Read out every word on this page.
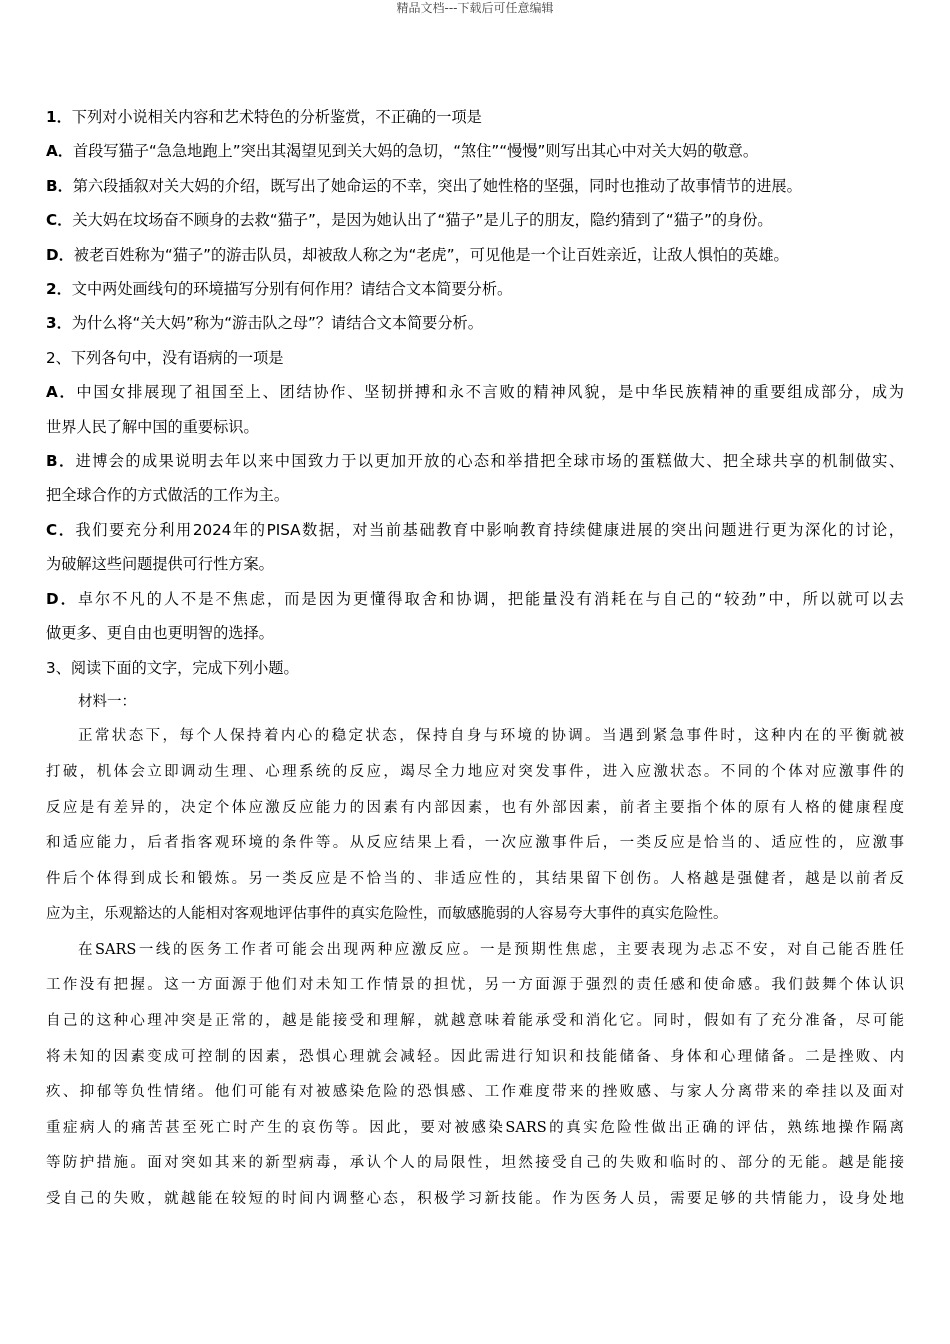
精品文档---下载后可任意编辑

1．下列对小说相关内容和艺术特色的分析鉴赏，不正确的一项是

A．首段写猫子“急急地跑上”突出其渴望见到关大妈的急切，“煞住”“慢慢”则写出其心中对关大妈的敬意。

B．第六段插叙对关大妈的介绍，既写出了她命运的不幸，突出了她性格的坚强，同时也推动了故事情节的进展。

C．关大妈在坟场奋不顾身的去救“猫子”，是因为她认出了“猫子”是儿子的朋友，隐约猜到了“猫子”的身份。

D．被老百姓称为“猫子”的游击队员，却被敌人称之为“老虎”，可见他是一个让百姓亲近，让敌人惧怕的英雄。

2．文中两处画线句的环境描写分别有何作用？请结合文本简要分析。

3．为什么将“关大妈”称为“游击队之母”？请结合文本简要分析。

2、下列各句中，没有语病的一项是

A．中国女排展现了祖国至上、团结协作、坚韧拼搏和永不言败的精神风貌，是中华民族精神的重要组成部分，成为
世界人民了解中国的重要标识。
B．进博会的成果说明去年以来中国致力于以更加开放的心态和举措把全球市场的蛋糕做大、把全球共享的机制做实、
把全球合作的方式做活的工作为主。
C．我们要充分利用2024年的PISA数据，对当前基础教育中影响教育持续健康进展的突出问题进行更为深化的讨论，
为破解这些问题提供可行性方案。
D．卓尔不凡的人不是不焦虑，而是因为更懂得取舍和协调，把能量没有消耗在与自己的“较劲”中，所以就可以去
做更多、更自由也更明智的选择。

3、阅读下面的文字，完成下列小题。

材料一：

正常状态下，每个人保持着内心的稳定状态，保持自身与环境的协调。当遇到紧急事件时，这种内在的平衡就被
打破，机体会立即调动生理、心理系统的反应，竭尽全力地应对突发事件，进入应激状态。不同的个体对应激事件的
反应是有差异的，决定个体应激反应能力的因素有内部因素，也有外部因素，前者主要指个体的原有人格的健康程度
和适应能力，后者指客观环境的条件等。从反应结果上看，一次应激事件后，一类反应是恰当的、适应性的，应激事
件后个体得到成长和锻炼。另一类反应是不恰当的、非适应性的，其结果留下创伤。人格越是强健者，越是以前者反
应为主，乐观豁达的人能相对客观地评估事件的真实危险性，而敏感脆弱的人容易夸大事件的真实危险性。
在SARS一线的医务工作者可能会出现两种应激反应。一是预期性焦虑，主要表现为忐忑不安，对自己能否胜任
工作没有把握。这一方面源于他们对未知工作情景的担忧，另一方面源于强烈的责任感和使命感。我们鼓舞个体认识
自己的这种心理冲突是正常的，越是能接受和理解，就越意味着能承受和消化它。同时，假如有了充分准备，尽可能
将未知的因素变成可控制的因素，恐惧心理就会减轻。因此需进行知识和技能储备、身体和心理储备。二是挫败、内
疚、抑郁等负性情绪。他们可能有对被感染危险的恐惧感、工作难度带来的挫败感、与家人分离带来的牵挂以及面对
重症病人的痛苦甚至死亡时产生的哀伤等。因此，要对被感染SARS的真实危险性做出正确的评估，熟练地操作隔离
等防护措施。面对突如其来的新型病毒，承认个人的局限性，坦然接受自己的失败和临时的、部分的无能。越是能接
受自己的失败，就越能在较短的时间内调整心态，积极学习新技能。作为医务人员，需要足够的共情能力，设身处地
